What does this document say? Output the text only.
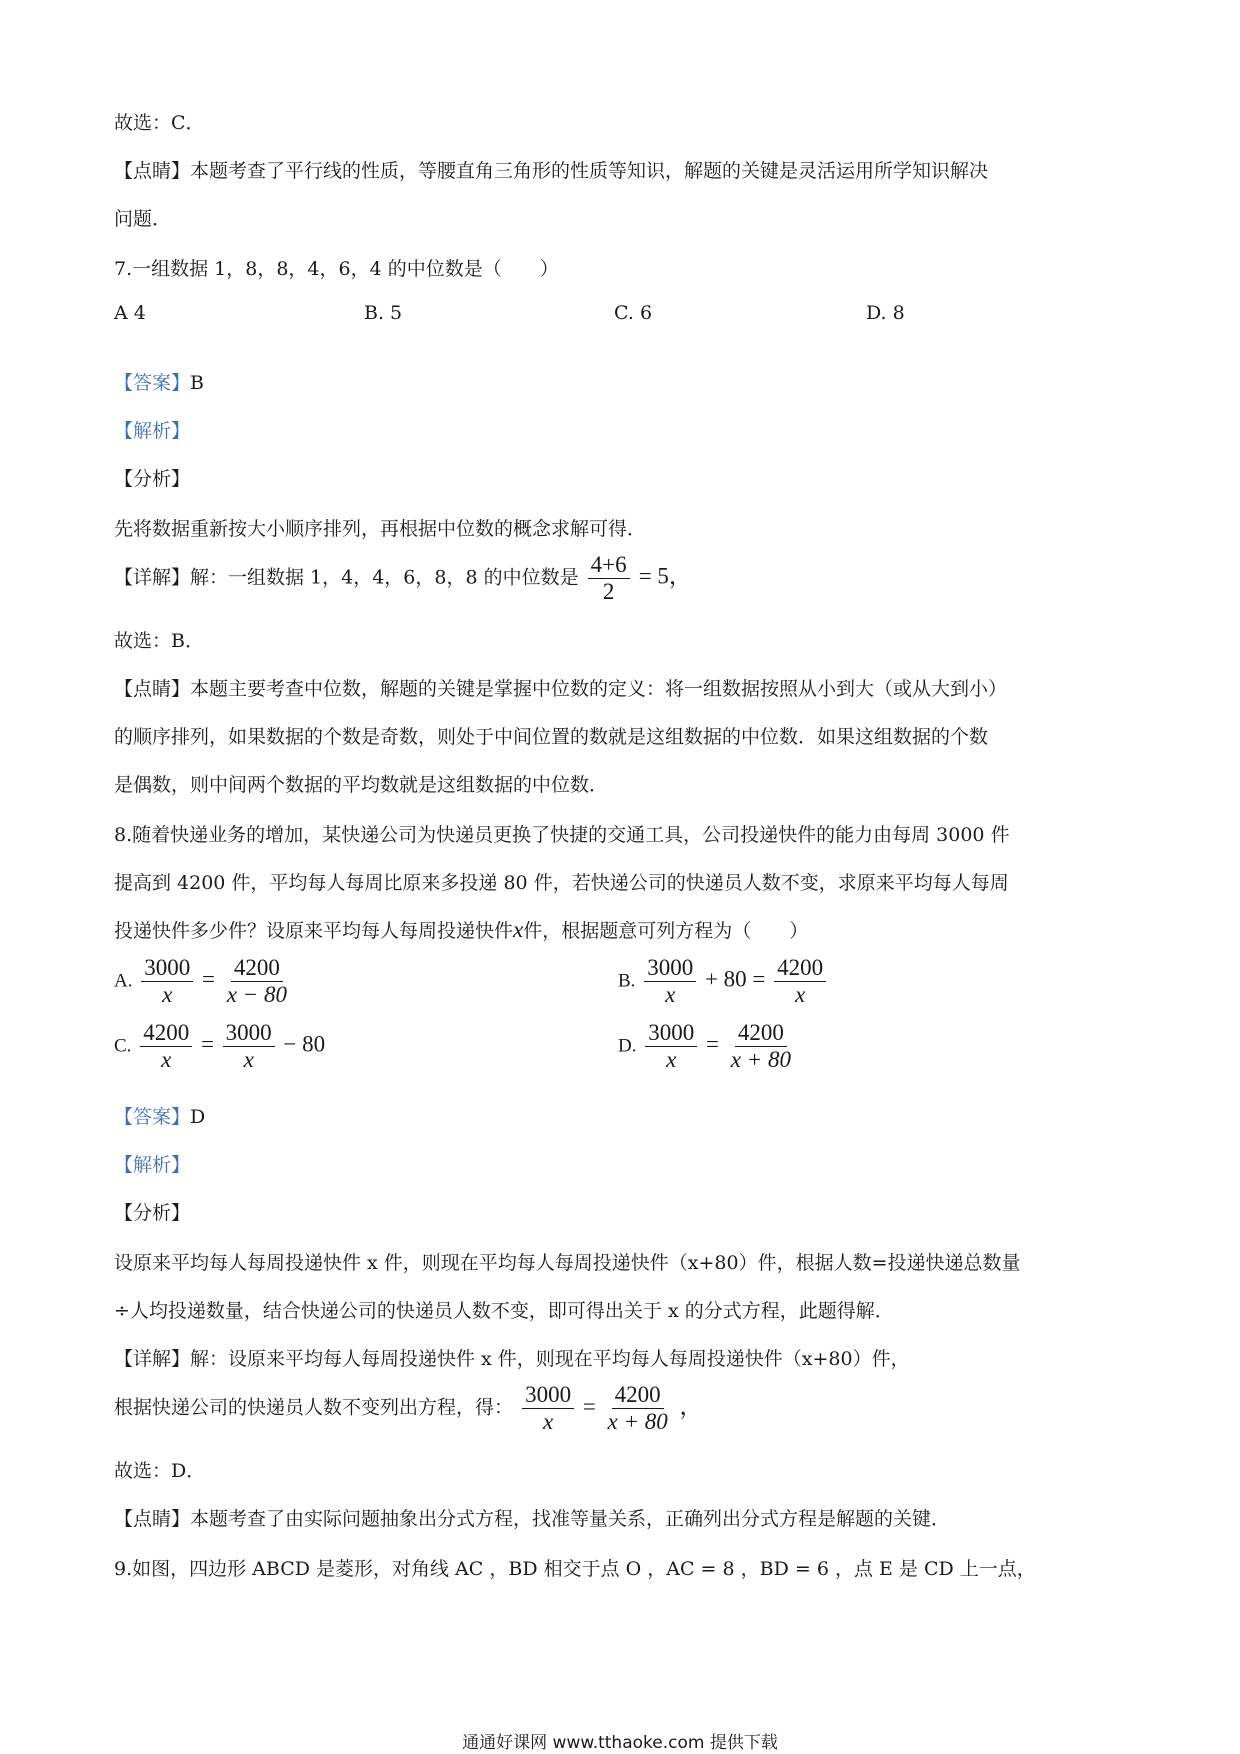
故选：C．
【点睛】本题考查了平行线的性质，等腰直角三角形的性质等知识，解题的关键是灵活运用所学知识解决
问题．
7.一组数据 1，8，8，4，6，4 的中位数是（　　）
A 4	B. 5	C. 6	D. 8
【答案】B
【解析】
【分析】
先将数据重新按大小顺序排列，再根据中位数的概念求解可得．
【详解】解：一组数据 1，4，4，6，8，8 的中位数是 $\frac{4+6}{2} = 5$，
故选：B．
【点睛】本题主要考查中位数，解题的关键是掌握中位数的定义：将一组数据按照从小到大（或从大到小）
的顺序排列，如果数据的个数是奇数，则处于中间位置的数就是这组数据的中位数．如果这组数据的个数
是偶数，则中间两个数据的平均数就是这组数据的中位数．
8.随着快递业务的增加，某快递公司为快递员更换了快捷的交通工具，公司投递快件的能力由每周 3000 件
提高到 4200 件，平均每人每周比原来多投递 80 件，若快递公司的快递员人数不变，求原来平均每人每周
投递快件多少件？设原来平均每人每周投递快件x件，根据题意可列方程为（　　）
A. $\frac{3000}{x} = \frac{4200}{x - 80}$	B. $\frac{3000}{x} + 80 = \frac{4200}{x}$
C. $\frac{4200}{x} = \frac{3000}{x} - 80$	D. $\frac{3000}{x} = \frac{4200}{x + 80}$
【答案】D
【解析】
【分析】
设原来平均每人每周投递快件 x 件，则现在平均每人每周投递快件（x+80）件，根据人数=投递快递总数量
÷人均投递数量，结合快递公司的快递员人数不变，即可得出关于 x 的分式方程，此题得解．
【详解】解：设原来平均每人每周投递快件 x 件，则现在平均每人每周投递快件（x+80）件，
根据快递公司的快递员人数不变列出方程，得： $\frac{3000}{x} = \frac{4200}{x + 80}$ ，
故选：D．
【点睛】本题考查了由实际问题抽象出分式方程，找准等量关系，正确列出分式方程是解题的关键．
9.如图，四边形 ABCD 是菱形，对角线 AC ，BD 相交于点 O ，AC = 8 ，BD = 6 ，点 E 是 CD 上一点，
通通好课网 www.tthaoke.com 提供下载
